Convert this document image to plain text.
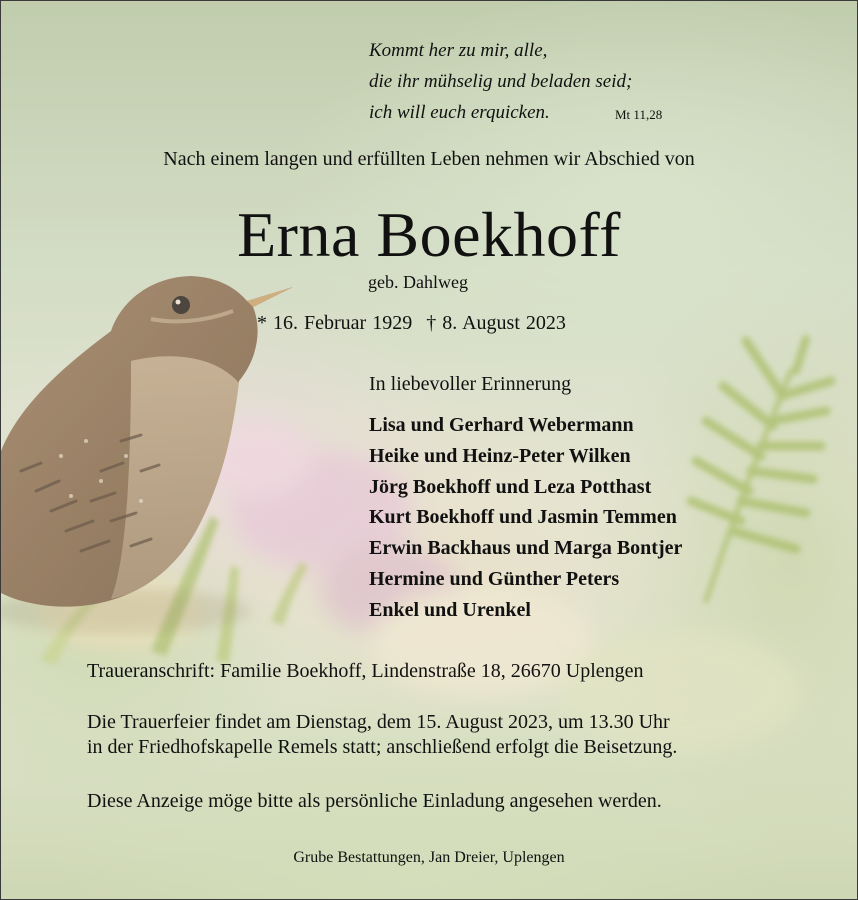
Kommt her zu mir, alle,
die ihr mühselig und beladen seid;
ich will euch erquicken.	Mt 11,28
Nach einem langen und erfüllten Leben nehmen wir Abschied von
Erna Boekhoff
geb. Dahlweg
* 16. Februar 1929 † 8. August 2023
In liebevoller Erinnerung
Lisa und Gerhard Webermann
Heike und Heinz-Peter Wilken
Jörg Boekhoff und Leza Potthast
Kurt Boekhoff und Jasmin Temmen
Erwin Backhaus und Marga Bontjer
Hermine und Günther Peters
Enkel und Urenkel
Traueranschrift: Familie Boekhoff, Lindenstraße 18, 26670 Uplengen
Die Trauerfeier findet am Dienstag, dem 15. August 2023, um 13.30 Uhr
in der Friedhofskapelle Remels statt; anschließend erfolgt die Beisetzung.
Diese Anzeige möge bitte als persönliche Einladung angesehen werden.
Grube Bestattungen, Jan Dreier, Uplengen
